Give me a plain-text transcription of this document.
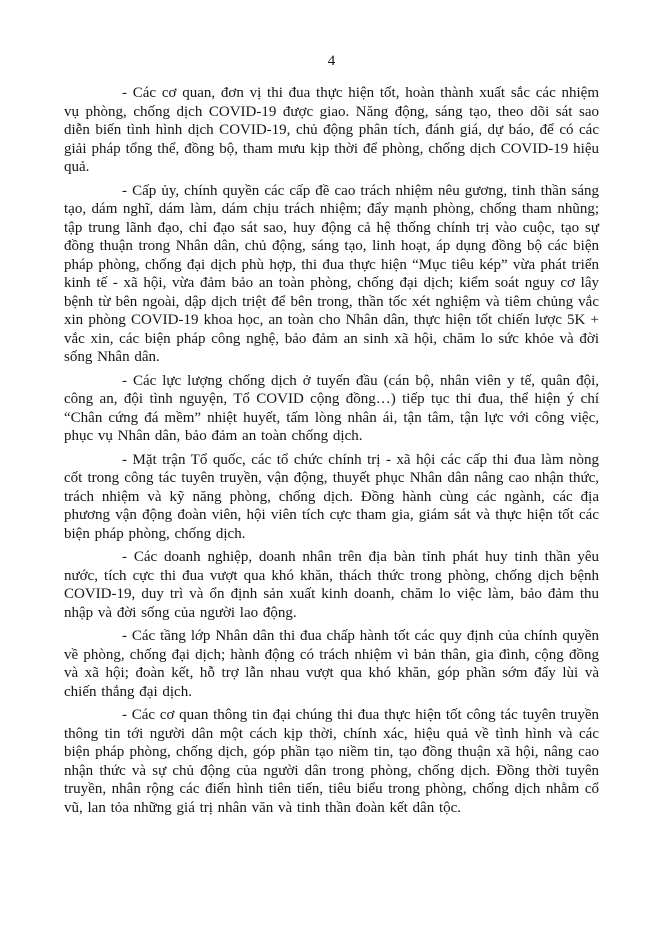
4

- Các cơ quan, đơn vị thi đua thực hiện tốt, hoàn thành xuất sắc các nhiệm vụ phòng, chống dịch COVID-19 được giao. Năng động, sáng tạo, theo dõi sát sao diễn biến tình hình dịch COVID-19, chủ động phân tích, đánh giá, dự báo, để có các giải pháp tổng thể, đồng bộ, tham mưu kịp thời để phòng, chống dịch COVID-19 hiệu quả.

- Cấp ủy, chính quyền các cấp đề cao trách nhiệm nêu gương, tinh thần sáng tạo, dám nghĩ, dám làm, dám chịu trách nhiệm; đẩy mạnh phòng, chống tham nhũng; tập trung lãnh đạo, chỉ đạo sát sao, huy động cả hệ thống chính trị vào cuộc, tạo sự đồng thuận trong Nhân dân, chủ động, sáng tạo, linh hoạt, áp dụng đồng bộ các biện pháp phòng, chống đại dịch phù hợp, thi đua thực hiện “Mục tiêu kép” vừa phát triển kinh tế - xã hội, vừa đảm bảo an toàn phòng, chống đại dịch; kiểm soát nguy cơ lây bệnh từ bên ngoài, dập dịch triệt để bên trong, thần tốc xét nghiệm và tiêm chủng vắc xin phòng COVID-19 khoa học, an toàn cho Nhân dân, thực hiện tốt chiến lược 5K + vắc xin, các biện pháp công nghệ, bảo đảm an sinh xã hội, chăm lo sức khỏe và đời sống Nhân dân.

- Các lực lượng chống dịch ở tuyến đầu (cán bộ, nhân viên y tế, quân đội, công an, đội tình nguyện, Tổ COVID cộng đồng…) tiếp tục thi đua, thể hiện ý chí “Chân cứng đá mềm” nhiệt huyết, tấm lòng nhân ái, tận tâm, tận lực với công việc, phục vụ Nhân dân, bảo đảm an toàn chống dịch.

- Mặt trận Tổ quốc, các tổ chức chính trị - xã hội các cấp thi đua làm nòng cốt trong công tác tuyên truyền, vận động, thuyết phục Nhân dân nâng cao nhận thức, trách nhiệm và kỹ năng phòng, chống dịch. Đồng hành cùng các ngành, các địa phương vận động đoàn viên, hội viên tích cực tham gia, giám sát và thực hiện tốt các biện pháp phòng, chống dịch.

- Các doanh nghiệp, doanh nhân trên địa bàn tỉnh phát huy tinh thần yêu nước, tích cực thi đua vượt qua khó khăn, thách thức trong phòng, chống dịch bệnh COVID-19, duy trì và ổn định sản xuất kinh doanh, chăm lo việc làm, bảo đảm thu nhập và đời sống của người lao động.

- Các tầng lớp Nhân dân thi đua chấp hành tốt các quy định của chính quyền về phòng, chống đại dịch; hành động có trách nhiệm vì bản thân, gia đình, cộng đồng và xã hội; đoàn kết, hỗ trợ lẫn nhau vượt qua khó khăn, góp phần sớm đẩy lùi và chiến thắng đại dịch.

- Các cơ quan thông tin đại chúng thi đua thực hiện tốt công tác tuyên truyền thông tin tới người dân một cách kịp thời, chính xác, hiệu quả về tình hình và các biện pháp phòng, chống dịch, góp phần tạo niềm tin, tạo đồng thuận xã hội, nâng cao nhận thức và sự chủ động của người dân trong phòng, chống dịch. Đồng thời tuyên truyền, nhân rộng các điển hình tiên tiến, tiêu biểu trong phòng, chống dịch nhằm cổ vũ, lan tỏa những giá trị nhân văn và tinh thần đoàn kết dân tộc.
